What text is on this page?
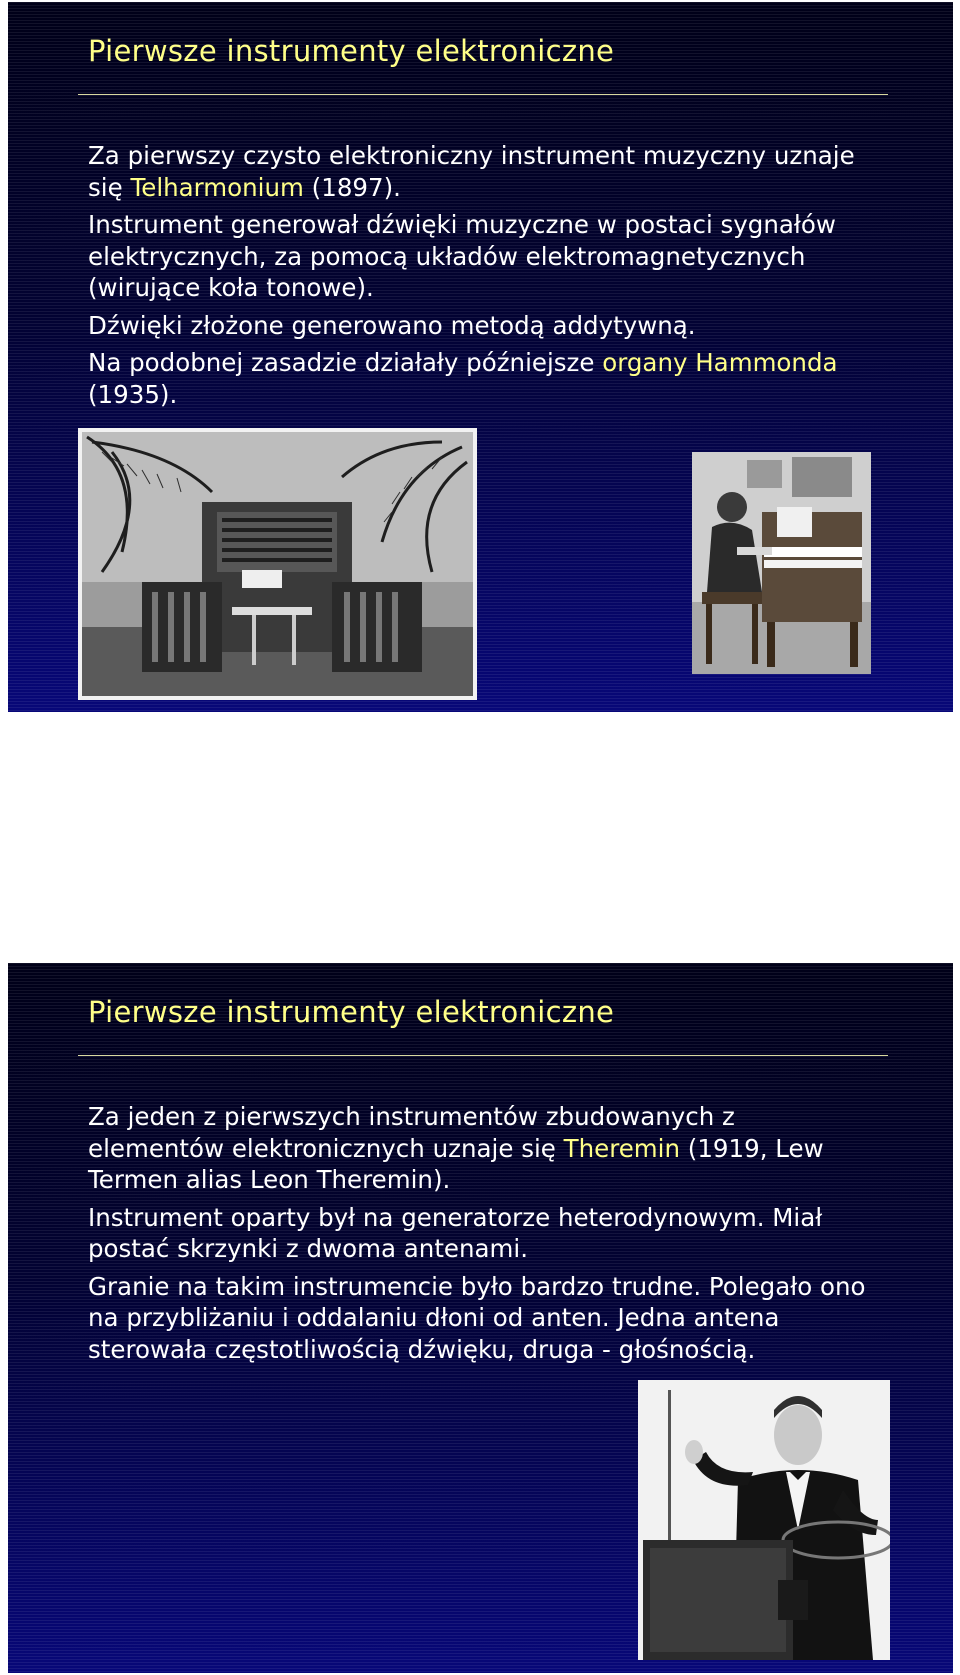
Pierwsze instrumenty elektroniczne

Za pierwszy czysto elektroniczny instrument muzyczny uznaje się Telharmonium (1897).

Instrument generował dźwięki muzyczne w postaci sygnałów elektrycznych, za pomocą układów elektromagnetycznych (wirujące koła tonowe).

Dźwięki złożone generowano metodą addytywną.

Na podobnej zasadzie działały późniejsze organy Hammonda (1935).

Pierwsze instrumenty elektroniczne

Za jeden z pierwszych instrumentów zbudowanych z elementów elektronicznych uznaje się Theremin (1919, Lew Termen alias Leon Theremin).

Instrument oparty był na generatorze heterodynowym. Miał postać skrzynki z dwoma antenami.

Granie na takim instrumencie było bardzo trudne. Polegało ono na przybliżaniu i oddalaniu dłoni od anten. Jedna antena sterowała częstotliwością dźwięku, druga - głośnością.
